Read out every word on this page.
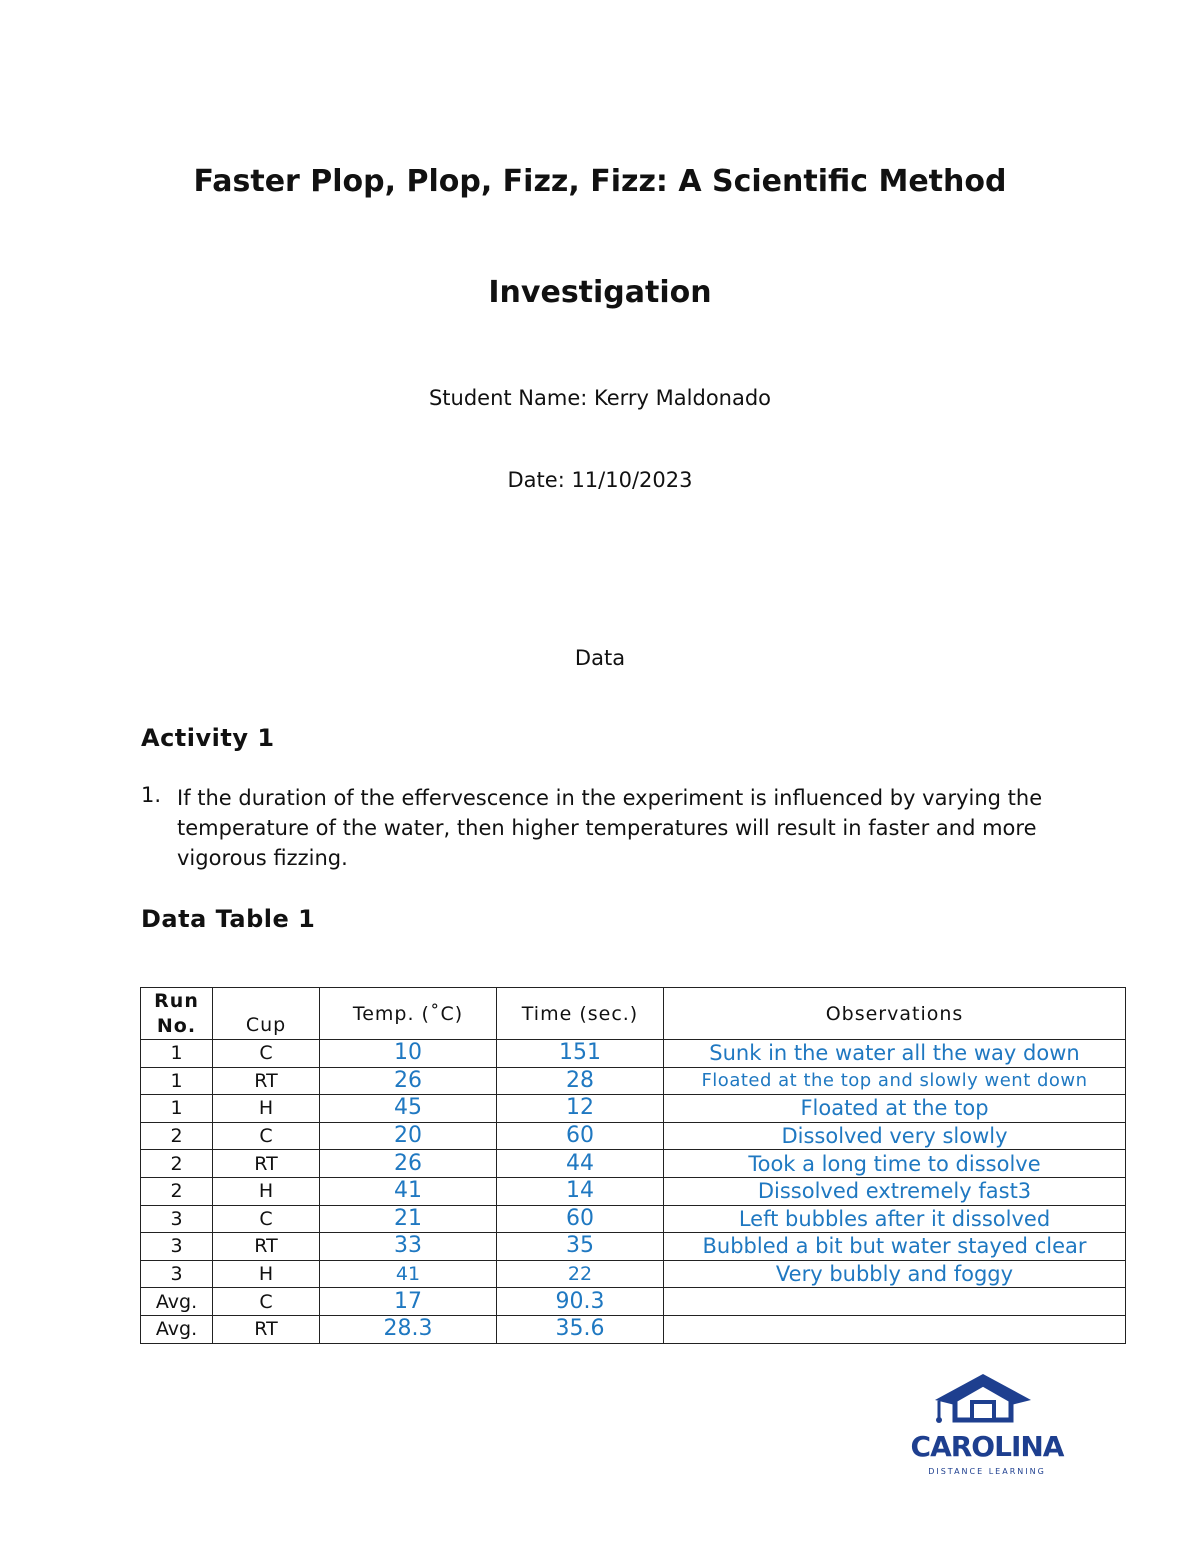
Faster Plop, Plop, Fizz, Fizz: A Scientific Method
Investigation
Student Name: Kerry Maldonado
Date: 11/10/2023
Data
Activity 1
1. If the duration of the effervescence in the experiment is influenced by varying the temperature of the water, then higher temperatures will result in faster and more vigorous fizzing.
Data Table 1
Run
No.	Cup	Temp. (˚C)	Time (sec.)	Observations
1	C	10	151	Sunk in the water all the way down
1	RT	26	28	Floated at the top and slowly went down
1	H	45	12	Floated at the top
2	C	20	60	Dissolved very slowly
2	RT	26	44	Took a long time to dissolve
2	H	41	14	Dissolved extremely fast3
3	C	21	60	Left bubbles after it dissolved
3	RT	33	35	Bubbled a bit but water stayed clear
3	H	41	22	Very bubbly and foggy
Avg.	C	17	90.3	
Avg.	RT	28.3	35.6	
CAROLINA
DISTANCE LEARNING
